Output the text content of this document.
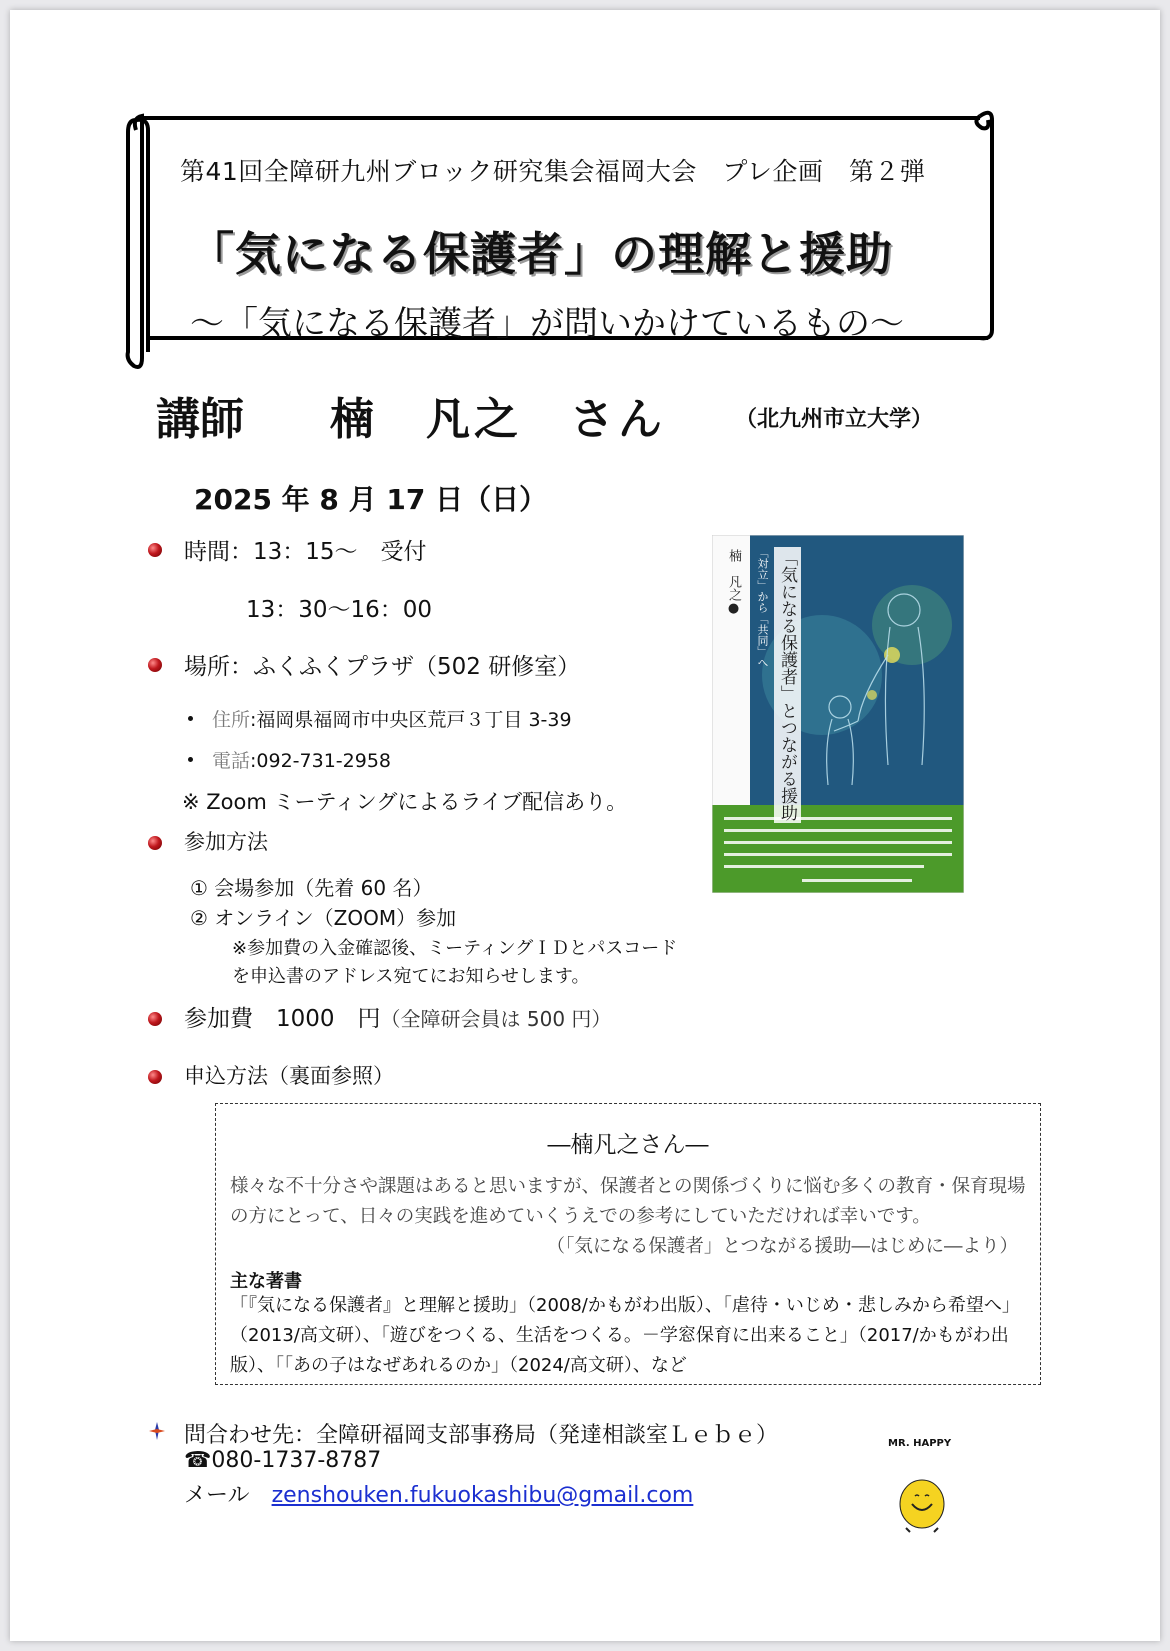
第41回全障研九州ブロック研究集会福岡大会　プレ企画　第２弾
「気になる保護者」の理解と援助
～「気になる保護者」が問いかけているもの～
講師 楠　凡之　さん	（北九州市立大学）
2025 年 8 月 17 日（日）
時間：13：15～　受付
13：30～16：00
場所：ふくふくプラザ（502 研修室）
住所:福岡県福岡市中央区荒戸３丁目 3-39
電話:092-731-2958
※ Zoom ミーティングによるライブ配信あり。
参加方法
① 会場参加（先着 60 名）
② オンライン（ZOOM）参加
※参加費の入金確認後、ミーティングＩＤとパスコード
を申込書のアドレス宛てにお知らせします。
参加費　1000　円（全障研会員は 500 円）
申込方法（裏面参照）
「気になる保護者」とつながる援助
「対立」から「共同」へ
楠　凡之●
―楠凡之さん―
様々な不十分さや課題はあると思いますが、保護者との関係づくりに悩む多くの教育・保育現場の方にとって、日々の実践を進めていくうえでの参考にしていただければ幸いです。
（「気になる保護者」とつながる援助―はじめに―より）
主な著書
「『気になる保護者』と理解と援助」（2008/かもがわ出版）、「虐待・いじめ・悲しみから希望へ」（2013/高文研）、「遊びをつくる、生活をつくる。－学窓保育に出来ること」（2017/かもがわ出版）、「「あの子はなぜあれるのか」（2024/高文研）、など
問合わせ先：全障研福岡支部事務局（発達相談室Ｌｅｂｅ）
☎080-1737-8787
メール　 zenshouken.fukuokashibu@gmail.com
MR. HAPPY
